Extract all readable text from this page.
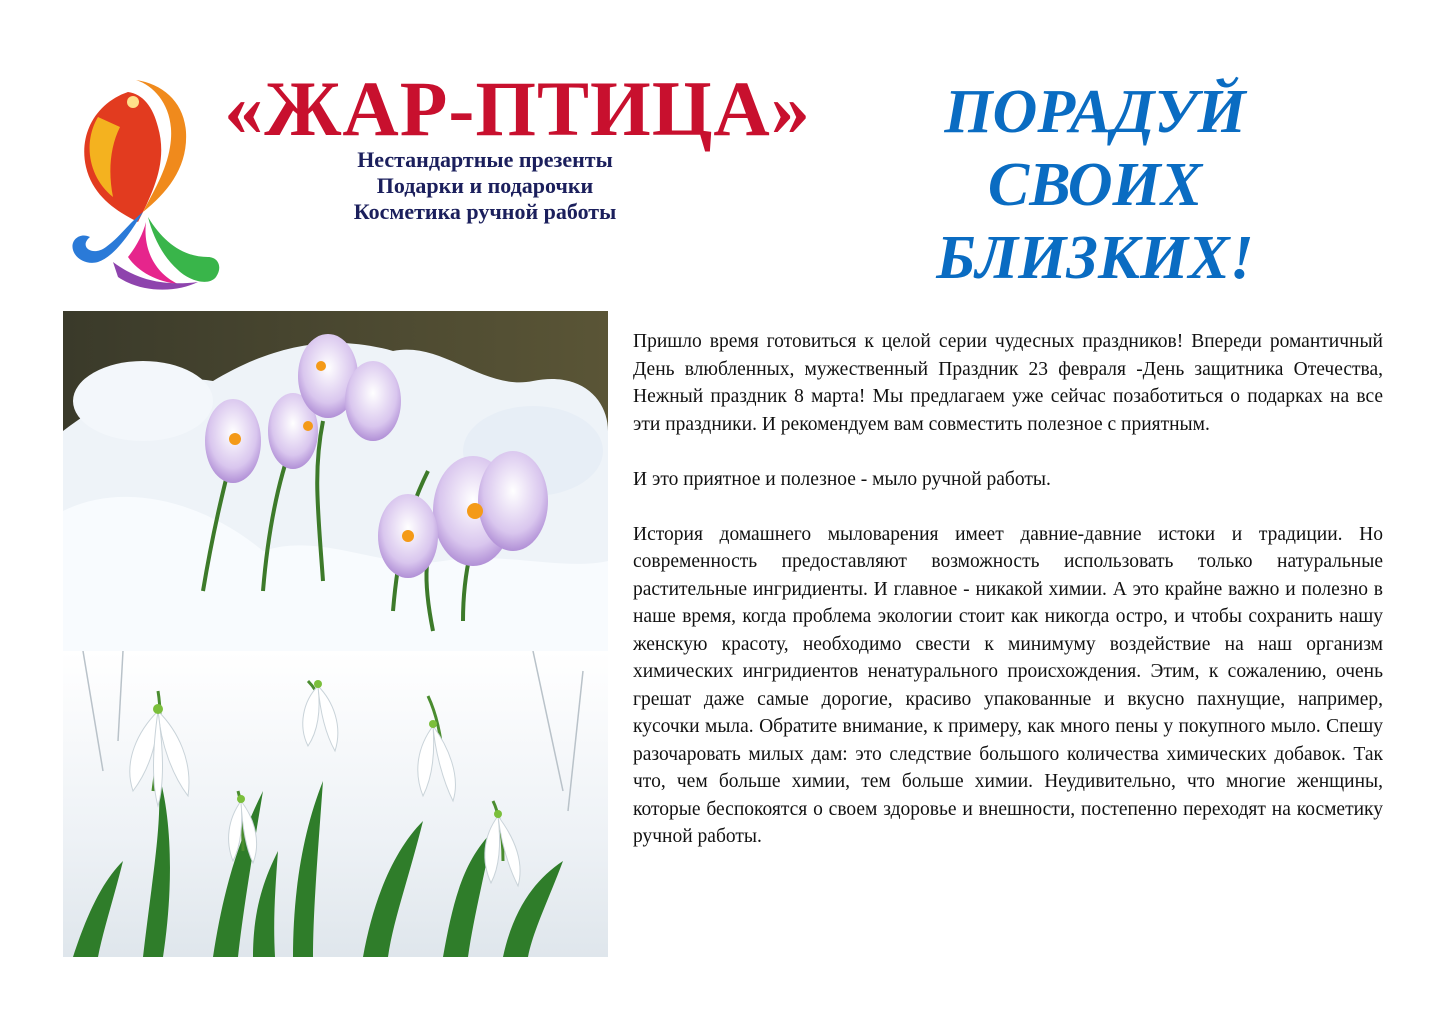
«ЖАР-ПТИЦА»
Нестандартные презенты
Подарки и подарочки
Косметика ручной работы
ПОРАДУЙ
СВОИХ
БЛИЗКИХ!

Пришло время готовиться к целой серии чудесных праздников! Впереди романтичный День влюбленных, мужественный Праздник 23 февраля -День защитника Отечества, Нежный праздник 8 марта! Мы предлагаем уже сейчас позаботиться о подарках на все эти праздники. И рекомендуем вам совместить полезное с приятным.

И это приятное и полезное - мыло ручной работы.

История домашнего мыловарения имеет давние-давние истоки и традиции. Но современность предоставляют возможность использовать только натуральные растительные ингридиенты. И главное - никакой химии. А это крайне важно и полезно в наше время, когда проблема экологии стоит как никогда остро, и чтобы сохранить нашу женскую красоту, необходимо свести к минимуму воздействие на наш организм химических ингридиентов ненатурального происхождения. Этим, к сожалению, очень грешат даже самые дорогие, красиво упакованные и вкусно пахнущие, например, кусочки мыла. Обратите внимание, к примеру, как много пены у покупного мыло. Спешу разочаровать милых дам: это следствие большого количества химических добавок. Так что, чем больше химии, тем больше химии. Неудивительно, что многие женщины, которые беспокоятся о своем здоровье и внешности, постепенно переходят на косметику ручной работы.
